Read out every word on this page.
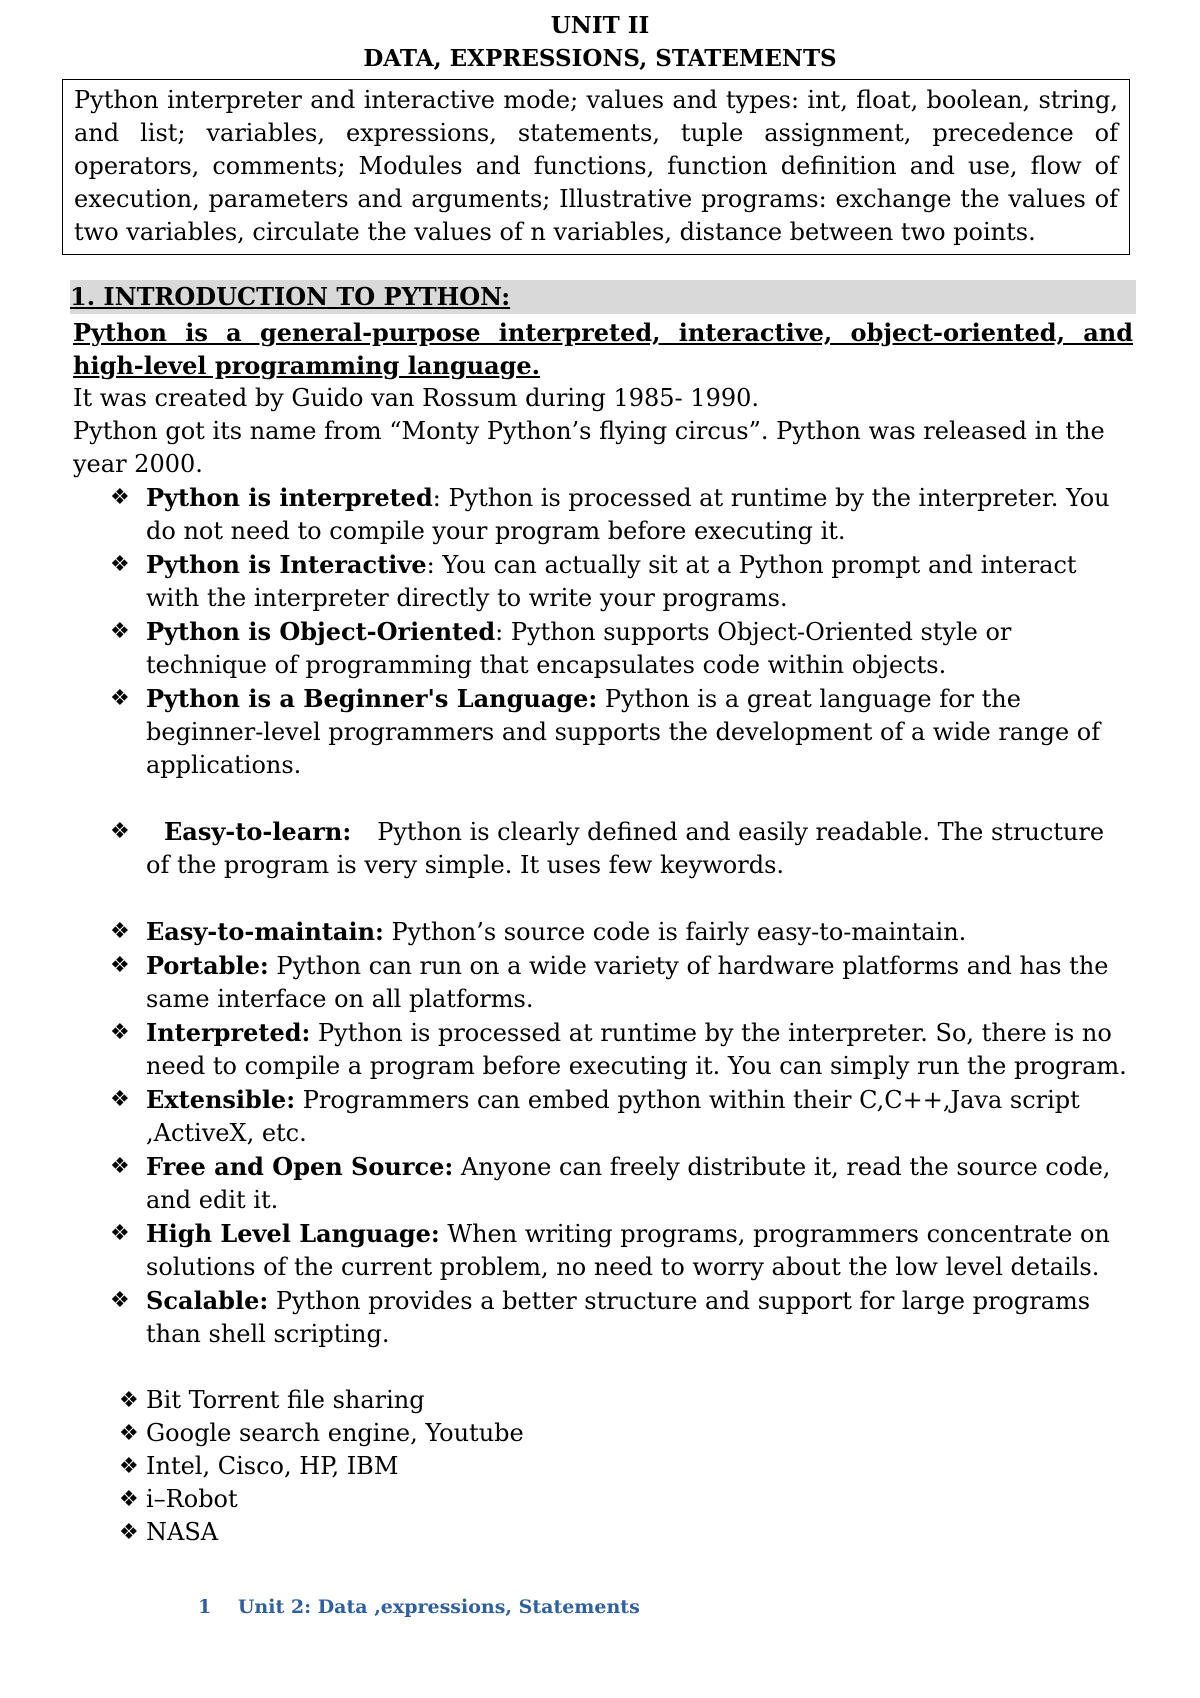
UNIT II
DATA, EXPRESSIONS, STATEMENTS
Python interpreter and interactive mode; values and types: int, float, boolean, string, and list; variables, expressions, statements, tuple assignment, precedence of operators, comments; Modules and functions, function definition and use, flow of execution, parameters and arguments; Illustrative programs: exchange the values of two variables, circulate the values of n variables, distance between two points.
1. INTRODUCTION TO PYTHON:

Python is a general-purpose interpreted, interactive, object-oriented, and high-level programming language.

It was created by Guido van Rossum during 1985- 1990.

Python got its name from “Monty Python’s flying circus”. Python was released in the year 2000.

❖ Python is interpreted: Python is processed at runtime by the interpreter. You do not need to compile your program before executing it.
❖ Python is Interactive: You can actually sit at a Python prompt and interact with the interpreter directly to write your programs.
❖ Python is Object-Oriented: Python supports Object-Oriented style or technique of programming that encapsulates code within objects.
❖ Python is a Beginner's Language: Python is a great language for the beginner-level programmers and supports the development of a wide range of applications.
❖ Easy-to-learn: Python is clearly defined and easily readable. The structure of the program is very simple. It uses few keywords.
❖ Easy-to-maintain: Python’s source code is fairly easy-to-maintain.
❖ Portable: Python can run on a wide variety of hardware platforms and has the same interface on all platforms.
❖ Interpreted: Python is processed at runtime by the interpreter. So, there is no need to compile a program before executing it. You can simply run the program.
❖ Extensible: Programmers can embed python within their C,C++,Java script ,ActiveX, etc.
❖ Free and Open Source: Anyone can freely distribute it, read the source code, and edit it.
❖ High Level Language: When writing programs, programmers concentrate on solutions of the current problem, no need to worry about the low level details.
❖ Scalable: Python provides a better structure and support for large programs than shell scripting.
❖ Bit Torrent file sharing
❖ Google search engine, Youtube
❖ Intel, Cisco, HP, IBM
❖ i–Robot
❖ NASA
1 Unit 2: Data ,expressions, Statements
